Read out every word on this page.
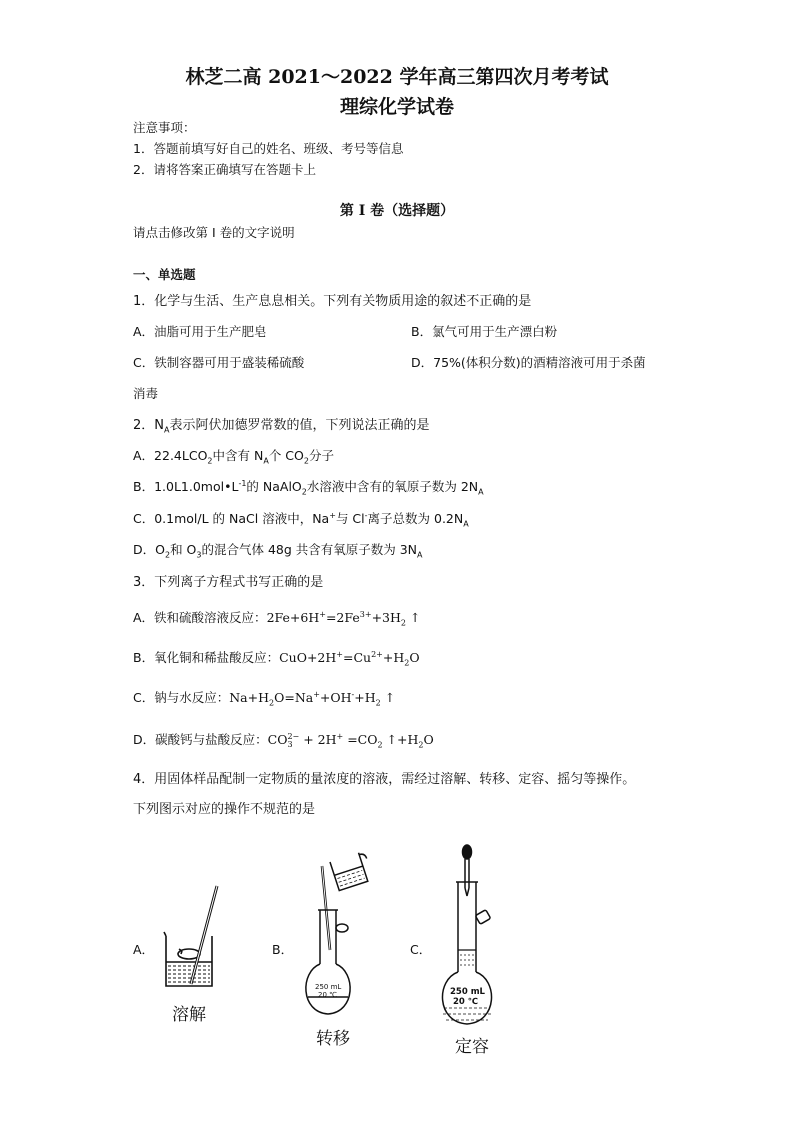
林芝二高 2021～2022 学年高三第四次月考考试
理综化学试卷
注意事项：
1．答题前填写好自己的姓名、班级、考号等信息
2．请将答案正确填写在答题卡上
第 I 卷（选择题）
请点击修改第 I 卷的文字说明
一、单选题
1．化学与生活、生产息息相关。下列有关物质用途的叙述不正确的是
A．油脂可用于生产肥皂	B．氯气可用于生产漂白粉
C．铁制容器可用于盛装稀硫酸	D．75%(体积分数)的酒精溶液可用于杀菌
消毒
2．$N_A$表示阿伏加德罗常数的值，下列说法正确的是
A．$22.4LCO_2$中含有 $N_A$个 $CO_2$分子
B．$1.0L1.0mol•L^{-1}$的 NaAlO$_2$水溶液中含有的氧原子数为 $2N_A$
C．0.1mol/L 的 NaCl 溶液中，Na+与 Cl-离子总数为 $0.2N_A$
D．$O_2$和 $O_3$的混合气体 48g 共含有氧原子数为 $3N_A$
3．下列离子方程式书写正确的是
A．铁和硫酸溶液反应：$2Fe+6H^+=2Fe^{3+}+3H_2$ ↑
B．氧化铜和稀盐酸反应：$CuO+2H^+=Cu^{2+}+H_2O$
C．钠与水反应：$Na+H_2O=Na^++OH^-+H_2$ ↑
D．碳酸钙与盐酸反应：CO2−
$3 + 2H^+ =CO_2$ $↑+H_2O$
4．用固体样品配制一定物质的量浓度的溶液，需经过溶解、转移、定容、摇匀等操作。
下列图示对应的操作不规范的是
A．	B．	C．
溶解
250 mL
20 ℃
转移
250 mL
20 ℃
定容
